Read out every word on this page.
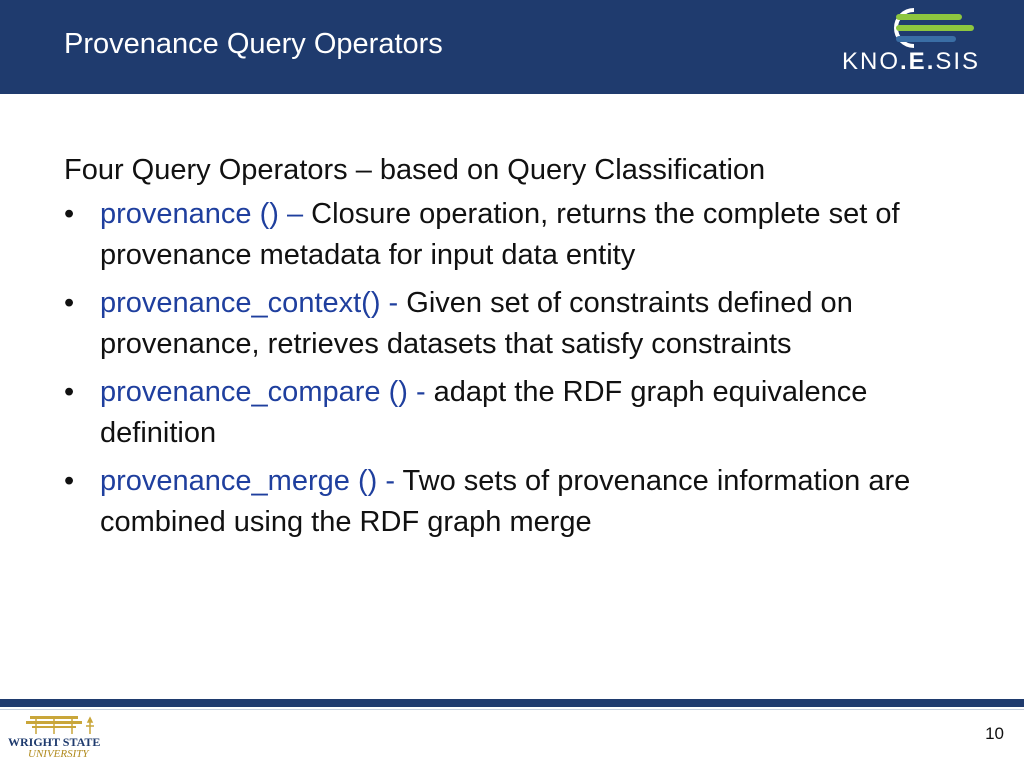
Provenance Query Operators
KNO.E.SIS

Four Query Operators – based on Query Classification

• provenance () – Closure operation, returns the complete set of provenance metadata for input data entity
• provenance_context() - Given set of constraints defined on provenance, retrieves datasets that satisfy constraints
• provenance_compare () - adapt the RDF graph equivalence definition
• provenance_merge () - Two sets of provenance information are combined using the RDF graph merge
WRIGHT STATE
UNIVERSITY
10
